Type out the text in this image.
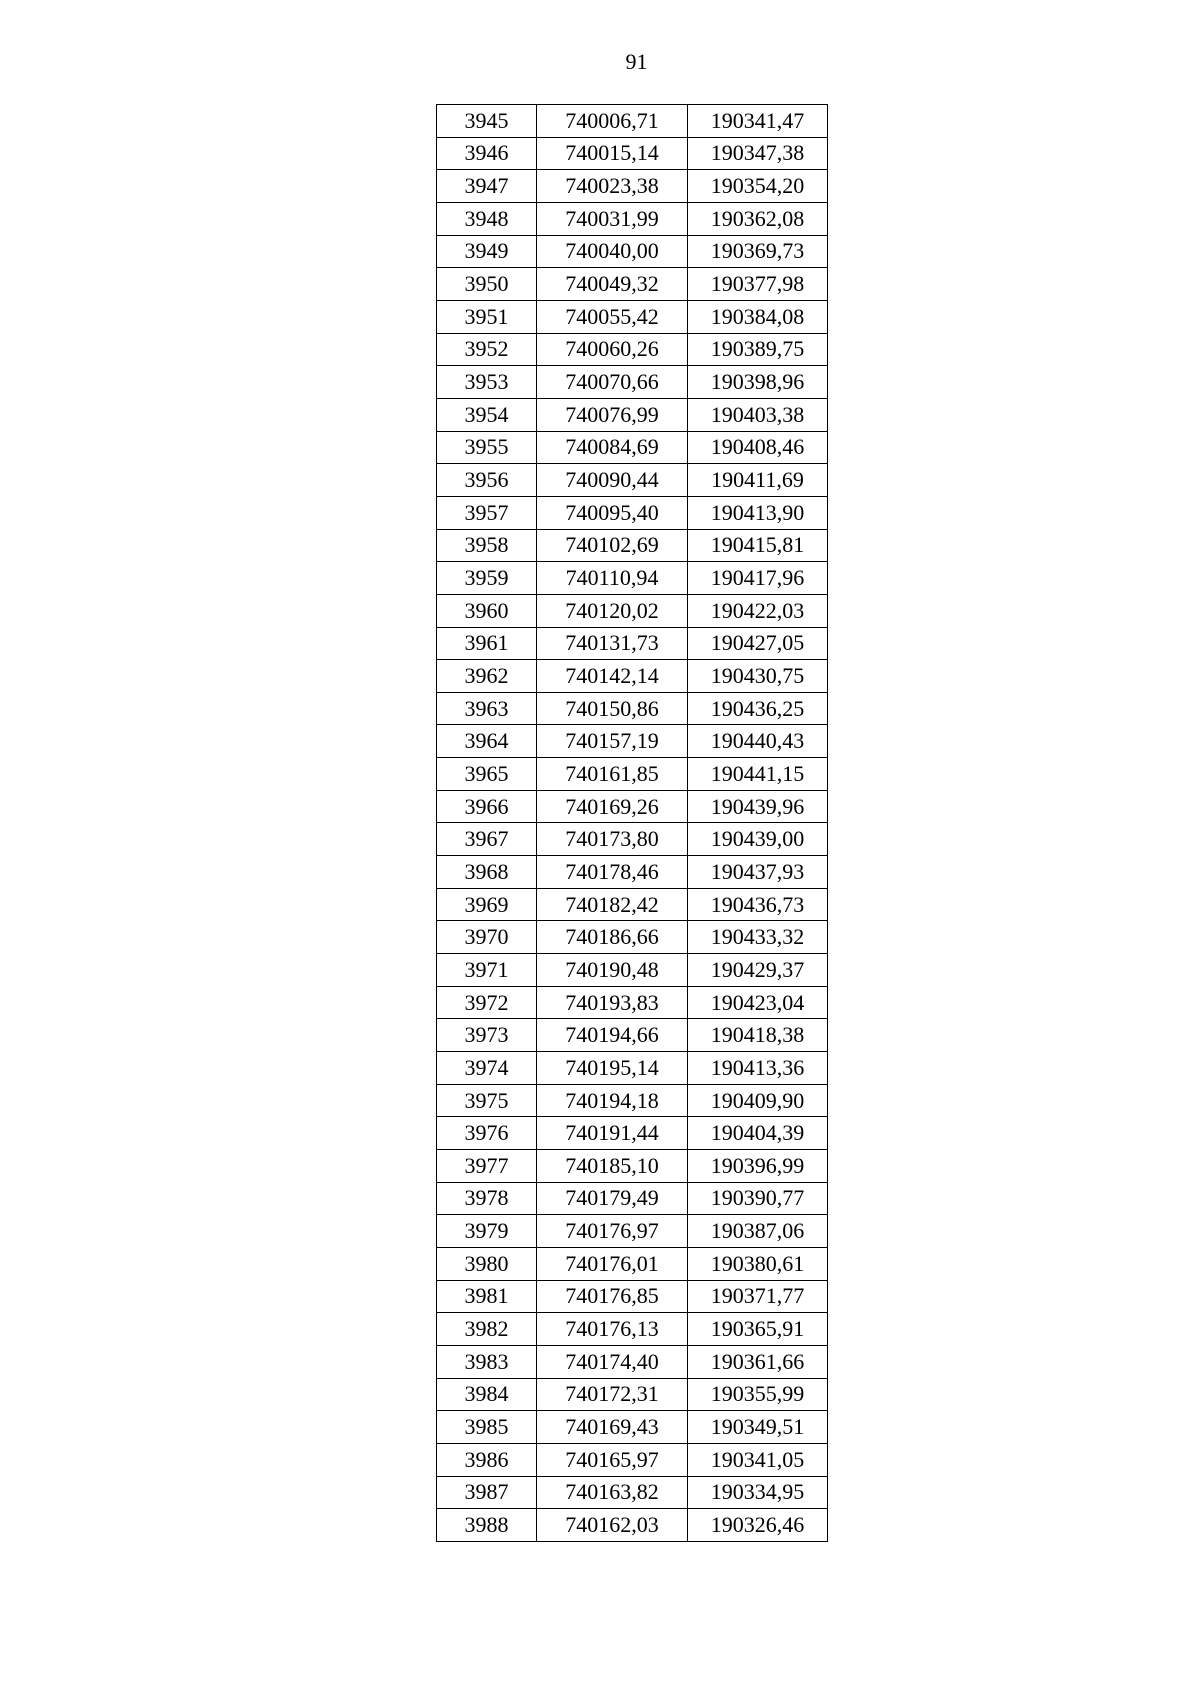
91
3945	740006,71	190341,47
3946	740015,14	190347,38
3947	740023,38	190354,20
3948	740031,99	190362,08
3949	740040,00	190369,73
3950	740049,32	190377,98
3951	740055,42	190384,08
3952	740060,26	190389,75
3953	740070,66	190398,96
3954	740076,99	190403,38
3955	740084,69	190408,46
3956	740090,44	190411,69
3957	740095,40	190413,90
3958	740102,69	190415,81
3959	740110,94	190417,96
3960	740120,02	190422,03
3961	740131,73	190427,05
3962	740142,14	190430,75
3963	740150,86	190436,25
3964	740157,19	190440,43
3965	740161,85	190441,15
3966	740169,26	190439,96
3967	740173,80	190439,00
3968	740178,46	190437,93
3969	740182,42	190436,73
3970	740186,66	190433,32
3971	740190,48	190429,37
3972	740193,83	190423,04
3973	740194,66	190418,38
3974	740195,14	190413,36
3975	740194,18	190409,90
3976	740191,44	190404,39
3977	740185,10	190396,99
3978	740179,49	190390,77
3979	740176,97	190387,06
3980	740176,01	190380,61
3981	740176,85	190371,77
3982	740176,13	190365,91
3983	740174,40	190361,66
3984	740172,31	190355,99
3985	740169,43	190349,51
3986	740165,97	190341,05
3987	740163,82	190334,95
3988	740162,03	190326,46
